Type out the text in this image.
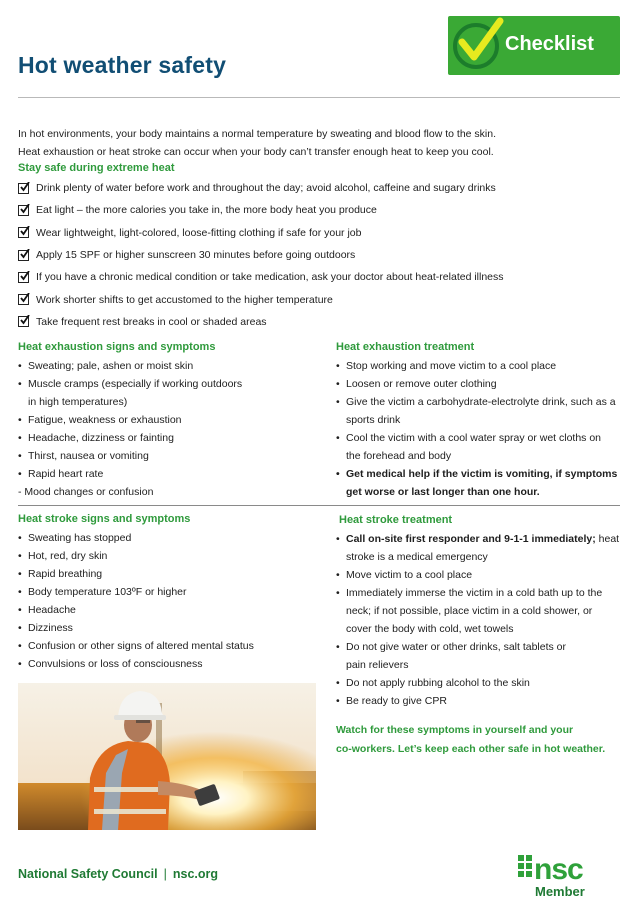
Hot weather safety
Checklist
In hot environments, your body maintains a normal temperature by sweating and blood flow to the skin.
Heat exhaustion or heat stroke can occur when your body can’t transfer enough heat to keep you cool.
Stay safe during extreme heat
Drink plenty of water before work and throughout the day; avoid alcohol, caffeine and sugary drinks
Eat light – the more calories you take in, the more body heat you produce
Wear lightweight, light-colored, loose-fitting clothing if safe for your job
Apply 15 SPF or higher sunscreen 30 minutes before going outdoors
If you have a chronic medical condition or take medication, ask your doctor about heat-related illness
Work shorter shifts to get accustomed to the higher temperature
Take frequent rest breaks in cool or shaded areas
Heat exhaustion signs and symptoms
• Sweating; pale, ashen or moist skin
• Muscle cramps (especially if working outdoors
in high temperatures)
• Fatigue, weakness or exhaustion
• Headache, dizziness or fainting
• Thirst, nausea or vomiting
• Rapid heart rate
- Mood changes or confusion
Heat exhaustion treatment
• Stop working and move victim to a cool place
• Loosen or remove outer clothing
• Give the victim a carbohydrate-electrolyte drink, such as a
sports drink
• Cool the victim with a cool water spray or wet cloths on
the forehead and body
• Get medical help if the victim is vomiting, if symptoms
get worse or last longer than one hour.
Heat stroke signs and symptoms
• Sweating has stopped
• Hot, red, dry skin
• Rapid breathing
• Body temperature 103ºF or higher
• Headache
• Dizziness
• Confusion or other signs of altered mental status
• Convulsions or loss of consciousness
Heat stroke treatment
• Call on-site first responder and 9-1-1 immediately; heat
stroke is a medical emergency
• Move victim to a cool place
• Immediately immerse the victim in a cold bath up to the
neck; if not possible, place victim in a cold shower, or
cover the body with cold, wet towels
• Do not give water or other drinks, salt tablets or
pain relievers
• Do not apply rubbing alcohol to the skin
• Be ready to give CPR
Watch for these symptoms in yourself and your
co-workers. Let’s keep each other safe in hot weather.
National Safety Council | nsc.org	nsc
Member
